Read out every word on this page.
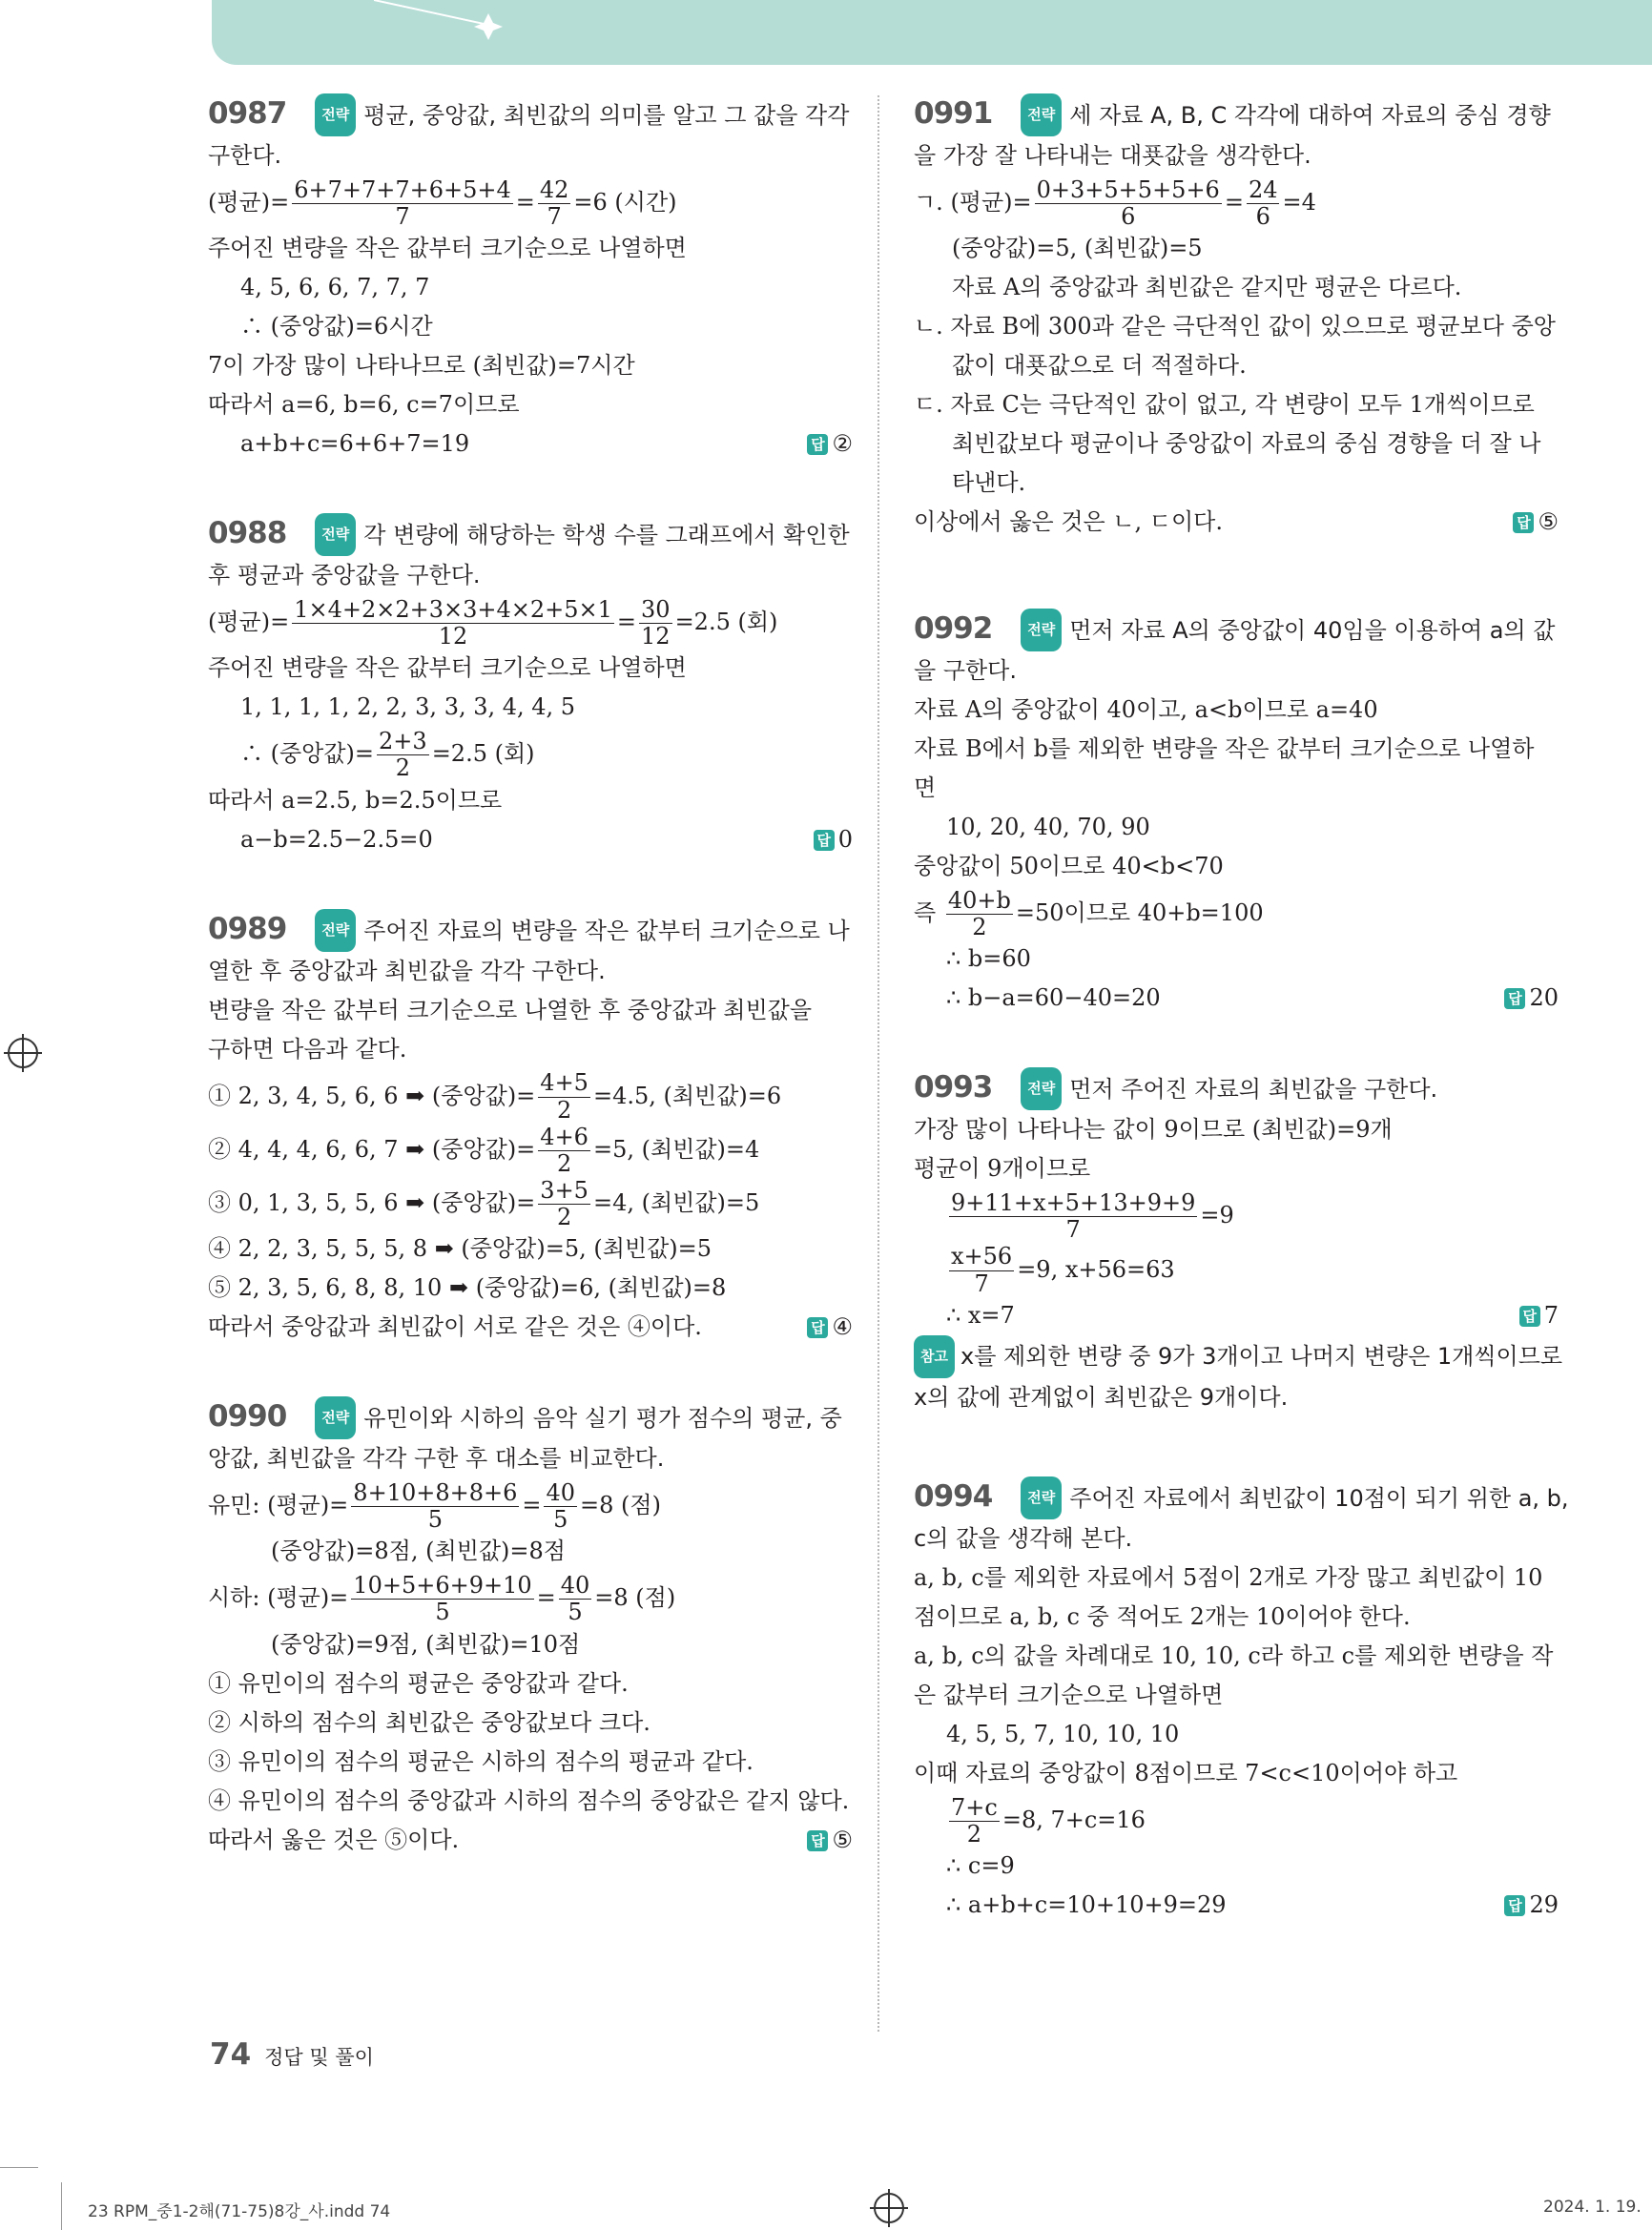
0987 전략 평균, 중앙값, 최빈값의 의미를 알고 그 값을 각각
구한다.
(평균)= $\frac{6+7+7+7+6+5+4}{7} = \frac{42}{7} =6$ (시간)
주어진 변량을 작은 값부터 크기순으로 나열하면
4, 5, 6, 6, 7, 7, 7
∴ (중앙값)=6시간
7이 가장 많이 나타나므로 (최빈값)=7시간
따라서 a=6, b=6, c=7이므로
a+b+c=6+6+7=19	답 ②
0988 전략 각 변량에 해당하는 학생 수를 그래프에서 확인한
후 평균과 중앙값을 구한다.
(평균)= $\frac{1\times 4+2\times 2+3\times 3+4\times 2+5\times 1}{12} = \frac{30}{12} =2.5$ (회)
주어진 변량을 작은 값부터 크기순으로 나열하면
1, 1, 1, 1, 2, 2, 3, 3, 3, 4, 4, 5
∴ (중앙값)= $\frac{2+3}{2} =2.5$ (회)
따라서 a=2.5, b=2.5이므로
a−b=2.5−2.5=0	답 0
0989 전략 주어진 자료의 변량을 작은 값부터 크기순으로 나
열한 후 중앙값과 최빈값을 각각 구한다.
변량을 작은 값부터 크기순으로 나열한 후 중앙값과 최빈값을
구하면 다음과 같다.
① 2, 3, 4, 5, 6, 6 ➡ (중앙값)= $\frac{4+5}{2} =4.5$, (최빈값)=6
② 4, 4, 4, 6, 6, 7 ➡ (중앙값)= $\frac{4+6}{2} =5$, (최빈값)=4
③ 0, 1, 3, 5, 5, 6 ➡ (중앙값)= $\frac{3+5}{2} =4$, (최빈값)=5
④ 2, 2, 3, 5, 5, 5, 8 ➡ (중앙값)=5, (최빈값)=5
⑤ 2, 3, 5, 6, 8, 8, 10 ➡ (중앙값)=6, (최빈값)=8
따라서 중앙값과 최빈값이 서로 같은 것은 ④이다.	답 ④
0990 전략 유민이와 시하의 음악 실기 평가 점수의 평균, 중
앙값, 최빈값을 각각 구한 후 대소를 비교한다.
유민: (평균)= $\frac{8+10+8+8+6}{5} = \frac{40}{5} =8$ (점)
(중앙값)=8점, (최빈값)=8점
시하: (평균)= $\frac{10+5+6+9+10}{5} = \frac{40}{5} =8$ (점)
(중앙값)=9점, (최빈값)=10점
① 유민이의 점수의 평균은 중앙값과 같다.
② 시하의 점수의 최빈값은 중앙값보다 크다.
③ 유민이의 점수의 평균은 시하의 점수의 평균과 같다.
④ 유민이의 점수의 중앙값과 시하의 점수의 중앙값은 같지 않다.
따라서 옳은 것은 ⑤이다.	답 ⑤
0991 전략 세 자료 A, B, C 각각에 대하여 자료의 중심 경향
을 가장 잘 나타내는 대푯값을 생각한다.
ㄱ. (평균)= $\frac{0+3+5+5+5+6}{6} = \frac{24}{6} =4$
(중앙값)=5, (최빈값)=5
자료 A의 중앙값과 최빈값은 같지만 평균은 다르다.
ㄴ. 자료 B에 300과 같은 극단적인 값이 있으므로 평균보다 중앙값이 대푯값으로 더 적절하다.
ㄷ. 자료 C는 극단적인 값이 없고, 각 변량이 모두 1개씩이므로 최빈값보다 평균이나 중앙값이 자료의 중심 경향을 더 잘 나타낸다.
이상에서 옳은 것은 ㄴ, ㄷ이다.	답 ⑤
0992 전략 먼저 자료 A의 중앙값이 40임을 이용하여 a의 값
을 구한다.
자료 A의 중앙값이 40이고, a<b이므로 a=40
자료 B에서 b를 제외한 변량을 작은 값부터 크기순으로 나열하
면
10, 20, 40, 70, 90
중앙값이 50이므로 40<b<70
즉 $\frac{40+b}{2} =50$이므로 40+b=100
∴ b=60
∴ b−a=60−40=20	답 20
0993 전략 먼저 주어진 자료의 최빈값을 구한다.
가장 많이 나타나는 값이 9이므로 (최빈값)=9개
평균이 9개이므로
$\frac{9+11+x+5+13+9+9}{7} =9$
$\frac{x+56}{7} =9$, x+56=63
∴ x=7	답 7
참고 x를 제외한 변량 중 9가 3개이고 나머지 변량은 1개씩이므로
x의 값에 관계없이 최빈값은 9개이다.
0994 전략 주어진 자료에서 최빈값이 10점이 되기 위한 a, b,
c의 값을 생각해 본다.
a, b, c를 제외한 자료에서 5점이 2개로 가장 많고 최빈값이 10
점이므로 a, b, c 중 적어도 2개는 10이어야 한다.
a, b, c의 값을 차례대로 10, 10, c라 하고 c를 제외한 변량을 작
은 값부터 크기순으로 나열하면
4, 5, 5, 7, 10, 10, 10
이때 자료의 중앙값이 8점이므로 7<c<10이어야 하고
$\frac{7+c}{2} =8$, 7+c=16
∴ c=9
∴ a+b+c=10+10+9=29	답 29
74 정답 및 풀이
23 RPM_중1-2해(71-75)8강_사.indd 74	2024. 1. 19.
